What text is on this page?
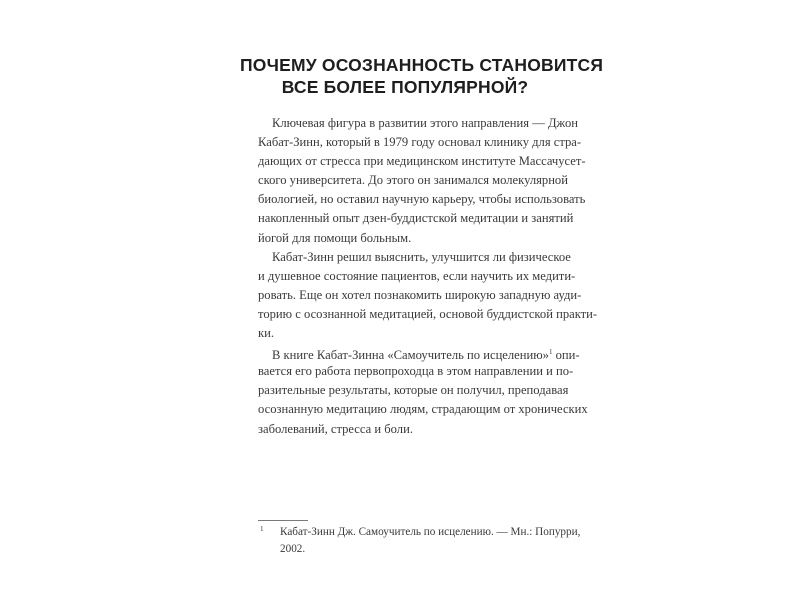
ПОЧЕМУ ОСОЗНАННОСТЬ СТАНОВИТСЯ
ВСЕ БОЛЕЕ ПОПУЛЯРНОЙ?

Ключевая фигура в развитии этого направления — Джон
Кабат-Зинн, который в 1979 году основал клинику для стра-
дающих от стресса при медицинском институте Массачусет-
ского университета. До этого он занимался молекулярной
биологией, но оставил научную карьеру, чтобы использовать
накопленный опыт дзен-буддистской медитации и занятий
йогой для помощи больным.

Кабат-Зинн решил выяснить, улучшится ли физическое
и душевное состояние пациентов, если научить их медити-
ровать. Еще он хотел познакомить широкую западную ауди-
торию с осознанной медитацией, основой буддистской практи-
ки.

В книге Кабат-Зинна «Самоучитель по исцелению»$^1$ опи-
вается его работа первопроходца в этом направлении и по-
разительные результаты, которые он получил, преподавая
осознанную медитацию людям, страдающим от хронических
заболеваний, стресса и боли.

1	Кабат-Зинн Дж. Самоучитель по исцелению. — Мн.: Попурри,
2002.
